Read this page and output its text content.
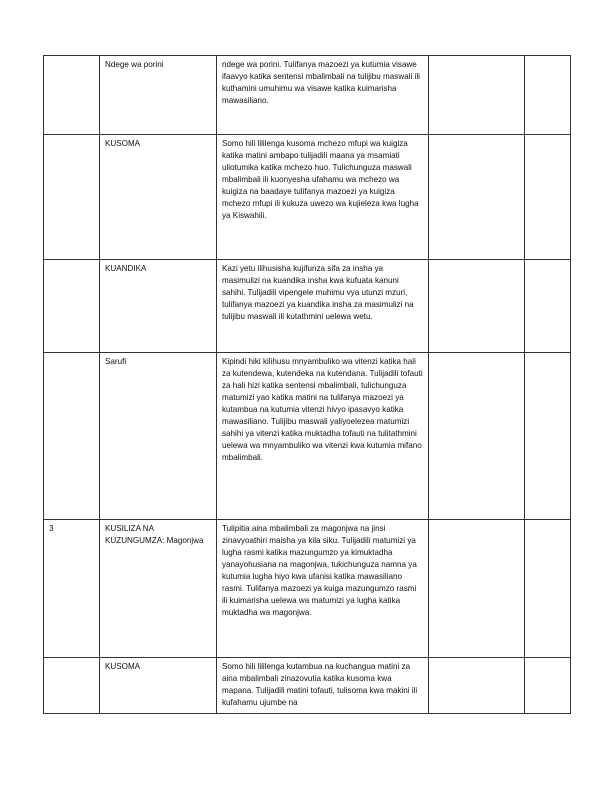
	Ndege wa porini	ndege wa porini. Tulifanya mazoezi ya kutumia visawe ifaavyo katika sentensi mbalimbali na tulijibu maswali ili kuthamini umuhimu wa visawe katika kuimarisha mawasiliano.		
	KUSOMA	Somo hili lililenga kusoma mchezo mfupi wa kuigiza katika matini ambapo tulijadili maana ya msamiati uliotumika katika mchezo huo. Tulichunguza maswali mbalimbali ili kuonyesha ufahamu wa mchezo wa kuigiza na baadaye tulifanya mazoezi ya kuigiza mchezo mfupi ili kukuza uwezo wa kujieleza kwa lugha ya Kiswahili.		
	KUANDIKA	Kazi yetu ilihusisha kujifunza sifa za insha ya masimulizi na kuandika insha kwa kufuata kanuni sahihi. Tulijadili vipengele muhimu vya utunzi mzuri, tulifanya mazoezi ya kuandika insha za masimulizi na tulijibu maswali ili kutathmini uelewa wetu.		
	Sarufi	Kipindi hiki kilihusu mnyambuliko wa vitenzi katika hali za kutendewa, kutendeka na kutendana. Tulijadili tofauti za hali hizi katika sentensi mbalimbali, tulichunguza matumizi yao katika matini na tulifanya mazoezi ya kutambua na kutumia vitenzi hivyo ipasavyo katika mawasiliano. Tulijibu maswali yaliyoelezea matumizi sahihi ya vitenzi katika muktadha tofauti na tulitathmini uelewa wa mnyambuliko wa vitenzi kwa kutumia mifano mbalimbali.		
3	KUSILIZA NA KUZUNGUMZA: Magonjwa	Tulipitia aina mbalimbali za magonjwa na jinsi zinavyoathiri maisha ya kila siku. Tulijadili matumizi ya lugha rasmi katika mazungumzo ya kimuktadha yanayohusiana na magonjwa, tukichunguza namna ya kutumia lugha hiyo kwa ufanisi katika mawasiliano rasmi. Tulifanya mazoezi ya kuiga mazungumzo rasmi ili kuimarisha uelewa wa matumizi ya lugha katika muktadha wa magonjwa.		
	KUSOMA	Somo hili lililenga kutambua na kuchangua matini za aina mbalimbali zinazovutia katika kusoma kwa mapana. Tulijadili matini tofauti, tulisoma kwa makini ili kufahamu ujumbe na		
